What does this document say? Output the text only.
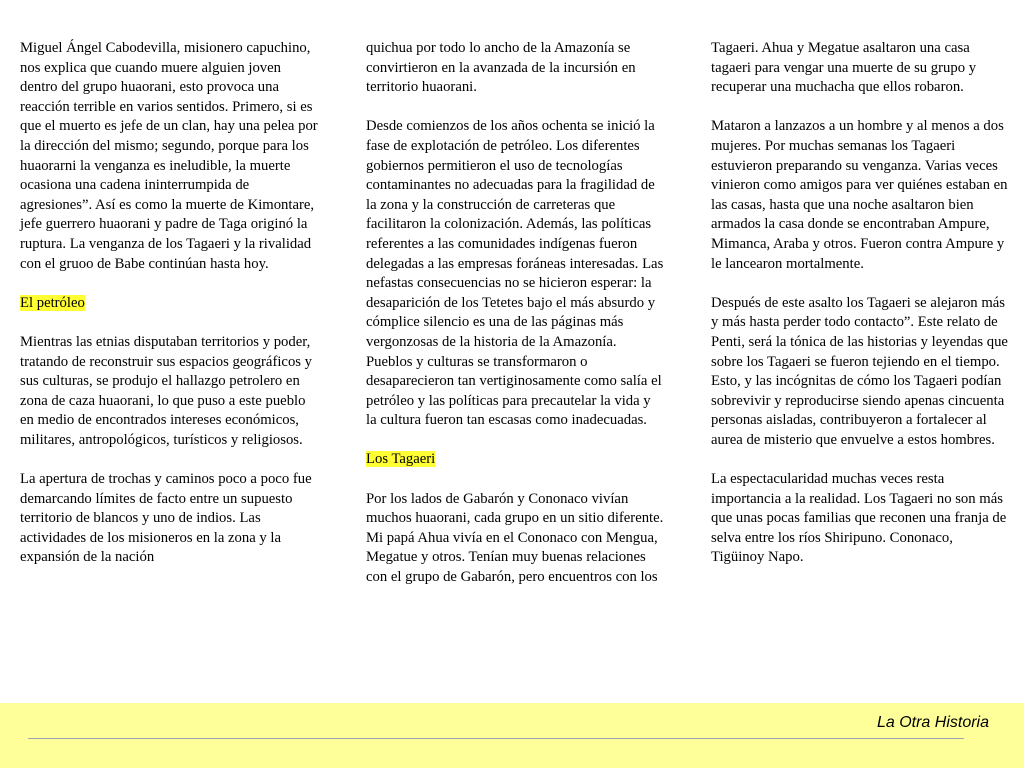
Miguel Ángel Cabodevilla, misionero capuchino, nos explica que cuando muere alguien joven dentro del grupo huaorani, esto provoca una reacción terrible en varios sentidos. Primero, si es que el muerto es jefe de un clan, hay una pelea por la dirección del mismo; segundo, porque para los huaorarni la venganza es ineludible, la muerte ocasiona una cadena ininterrumpida de agresiones”. Así es como la muerte de Kimontare, jefe guerrero huaorani y padre de Taga originó la ruptura. La venganza de los Tagaeri y la rivalidad con el gruoo de Babe continúan hasta hoy.

El petróleo

Mientras las etnias disputaban territorios y poder, tratando de reconstruir sus espacios geográficos y sus culturas, se produjo el hallazgo petrolero en zona de caza huaorani, lo que puso a este pueblo en medio de encontrados intereses económicos, militares, antropológicos, turísticos y religiosos.

La apertura de trochas y caminos poco a poco fue demarcando límites de facto entre un supuesto territorio de blancos y uno de indios. Las actividades de los misioneros en la zona y la expansión de la nación

quichua por todo lo ancho de la Amazonía se convirtieron en la avanzada de la incursión en territorio huaorani.

Desde comienzos de los años ochenta se inició la fase de explotación de petróleo. Los diferentes gobiernos permitieron el uso de tecnologías contaminantes no adecuadas para la fragilidad de la zona y la construcción de carreteras que facilitaron la colonización. Además, las políticas referentes a las comunidades indígenas fueron delegadas a las empresas foráneas interesadas. Las nefastas consecuencias no se hicieron esperar: la desaparición de los Tetetes bajo el más absurdo y cómplice silencio es una de las páginas más vergonzosas de la historia de la Amazonía. Pueblos y culturas se transformaron o desaparecieron tan vertiginosamente como salía el petróleo y las políticas para precautelar la vida y la cultura fueron tan escasas como inadecuadas.

Los Tagaeri

Por los lados de Gabarón y Cononaco vivían muchos huaorani, cada grupo en un sitio diferente. Mi papá Ahua vivía en el Cononaco con Mengua, Megatue y otros. Tenían muy buenas relaciones con el grupo de Gabarón, pero encuentros con los

Tagaeri. Ahua y Megatue asaltaron una casa tagaeri para vengar una muerte de su grupo y recuperar una muchacha que ellos robaron.

Mataron a lanzazos a un hombre y al menos a dos mujeres. Por muchas semanas los Tagaeri estuvieron preparando su venganza. Varias veces vinieron como amigos para ver quiénes estaban en las casas, hasta que una noche asaltaron bien armados la casa donde se encontraban Ampure, Mimanca, Araba y otros. Fueron contra Ampure y le lancearon mortalmente.

Después de este asalto los Tagaeri se alejaron más y más hasta perder todo contacto”. Este relato de Penti, será la tónica de las historias y leyendas que sobre los Tagaeri se fueron tejiendo en el tiempo. Esto, y las incógnitas de cómo los Tagaeri podían sobrevivir y reproducirse siendo apenas cincuenta personas aisladas, contribuyeron a fortalecer al aurea de misterio que envuelve a estos hombres.

La espectacularidad muchas veces resta importancia a la realidad. Los Tagaeri no son más que unas pocas familias que reconen una franja de selva entre los ríos Shiripuno. Cononaco, Tigüinoy Napo.

La Otra Historia
